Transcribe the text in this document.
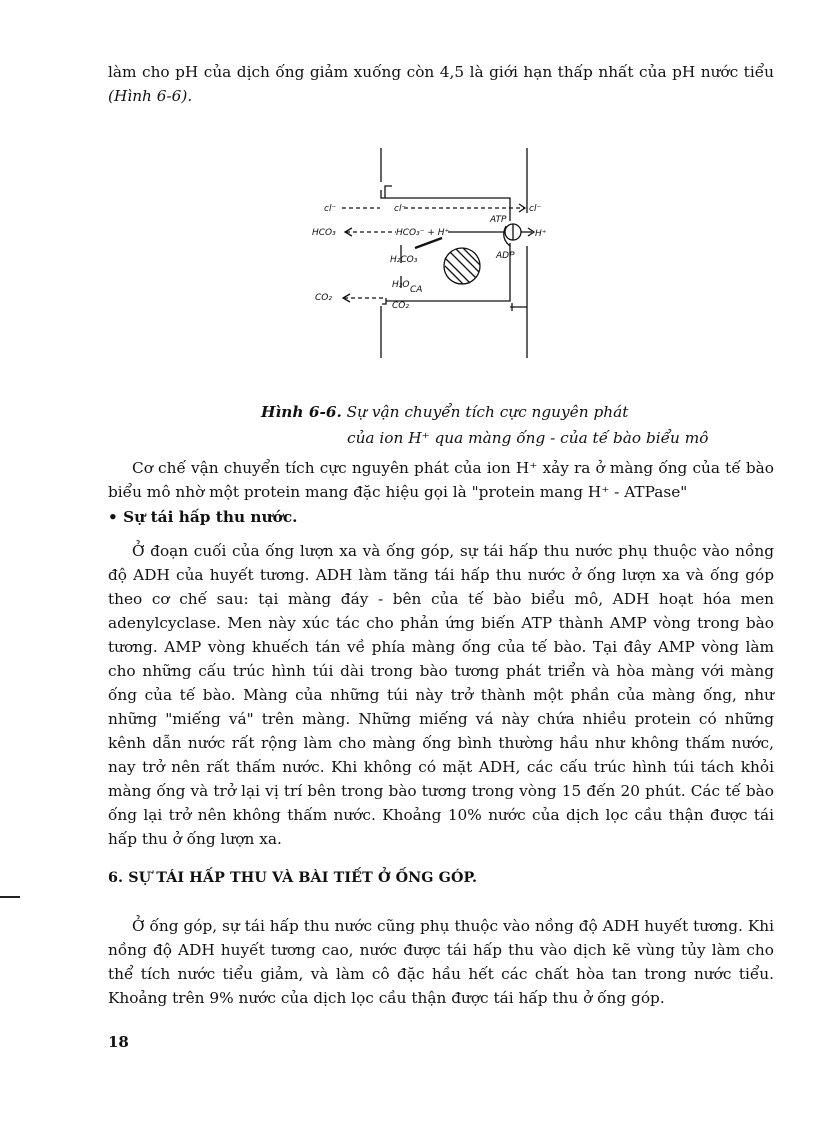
làm cho pH của dịch ống giảm xuống còn 4,5 là giới hạn thấp nhất của pH nước tiểu (Hình 6-6).

cl⁻	cl⁻	cl⁻
HCO₃	HCO₃⁻ + H⁺
ATP
ADP
H⁺
H₂CO₃
H₂O CA
CO₂
CO₂
Hình 6-6. Sự vận chuyển tích cực nguyên phát
của ion H⁺ qua màng ống - của tế bào biểu mô

Cơ chế vận chuyển tích cực nguyên phát của ion H⁺ xảy ra ở màng ống của tế bào biểu mô nhờ một protein mang đặc hiệu gọi là "protein mang H⁺ - ATPase"

• Sự tái hấp thu nước.

Ở đoạn cuối của ống lượn xa và ống góp, sự tái hấp thu nước phụ thuộc vào nồng độ ADH của huyết tương. ADH làm tăng tái hấp thu nước ở ống lượn xa và ống góp theo cơ chế sau: tại màng đáy - bên của tế bào biểu mô, ADH hoạt hóa men adenylcyclase. Men này xúc tác cho phản ứng biến ATP thành AMP vòng trong bào tương. AMP vòng khuếch tán về phía màng ống của tế bào. Tại đây AMP vòng làm cho những cấu trúc hình túi dài trong bào tương phát triển và hòa màng với màng ống của tế bào. Màng của những túi này trở thành một phần của màng ống, như những "miếng vá" trên màng. Những miếng vá này chứa nhiều protein có những kênh dẫn nước rất rộng làm cho màng ống bình thường hầu như không thấm nước, nay trở nên rất thấm nước. Khi không có mặt ADH, các cấu trúc hình túi tách khỏi màng ống và trở lại vị trí bên trong bào tương trong vòng 15 đến 20 phút. Các tế bào ống lại trở nên không thấm nước. Khoảng 10% nước của dịch lọc cầu thận được tái hấp thu ở ống lượn xa.

6. SỰ TÁI HẤP THU VÀ BÀI TIẾT Ở ỐNG GÓP.

Ở ống góp, sự tái hấp thu nước cũng phụ thuộc vào nồng độ ADH huyết tương. Khi nồng độ ADH huyết tương cao, nước được tái hấp thu vào dịch kẽ vùng tủy làm cho thể tích nước tiểu giảm, và làm cô đặc hầu hết các chất hòa tan trong nước tiểu. Khoảng trên 9% nước của dịch lọc cầu thận được tái hấp thu ở ống góp.

18
